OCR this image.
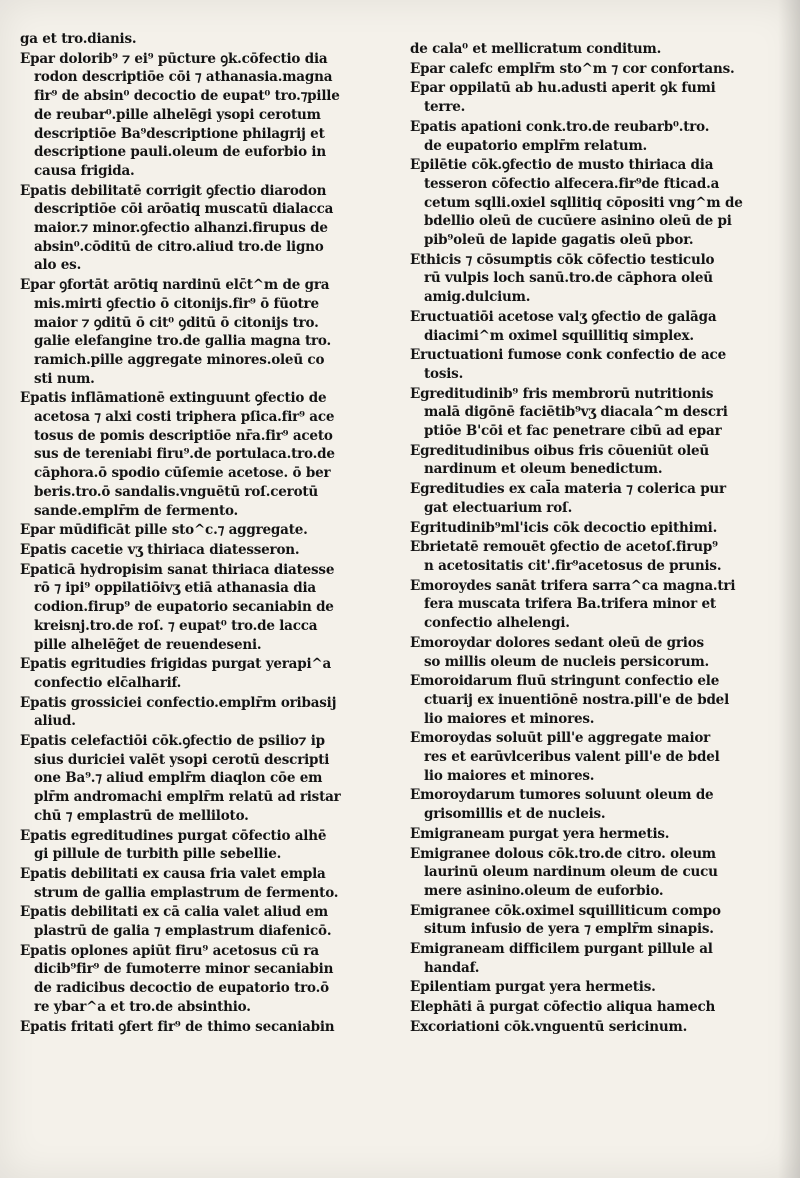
ga et tro.dianis.
Epar dolorib⁹ ⁊ ei⁹ pūcture ꝯk.cōfectio dia
rodon descriptiōe cōi ⁊ athanasia.magna
fir⁹ de absin⁰ decoctio de eupat⁰ tro.⁊pille
de reubar⁰.pille alhelēgi ysopi cerotum
descriptiōe Ba⁹descriptione philagrij et
descriptione pauli.oleum de euforbio in
causa frigida.
Epatis debilitatē corrigit ꝯfectio diarodon
descriptiōe cōi arōatiq muscatū dialacca
maior.⁊ minor.ꝯfectio alhanzi.firupus de
absin⁰.cōditū de citro.aliud tro.de ligno
alo es.
Epar ꝯfortāt arōtiq nardinū elc̄t^m de gra
mis.mirti ꝯfectio ō citonijs.fir⁹ ō fūotre
maior ⁊ ꝯditū ō cit⁰ ꝯditū ō citonijs tro.
galie elefangine tro.de gallia magna tro.
ramich.pille aggregate minores.oleū co
sti num.
Epatis inflāmationē extinguunt ꝯfectio de
acetosa ⁊ alxi costi triphera pſica.fir⁹ ace
tosus de pomis descriptiōe nr̄a.fir⁹ aceto
sus de tereniabi firu⁹.de portulaca.tro.de
cāphora.ō spodio cūſemie acetose. ō ber
beris.tro.ō sandalis.vnguētū roſ.cerotū
sande.emplr̄m de fermento.
Epar mūdificāt pille sto^c.⁊ aggregate.
Epatis cacetie vʒ thiriaca diatesseron.
Epaticā hydropisim sanat thiriaca diatesse
rō ⁊ ipi⁹ oppilatiōivʒ etiā athanasia dia
codion.firup⁹ de eupatorio secaniabin de
kreisnj.tro.de roſ. ⁊ eupat⁰ tro.de lacca
pille alhelēg̃et de reuendeseni.
Epatis egritudies frigidas purgat yerapi^a
confectio elc̄alharif.
Epatis grossiciei confectio.emplr̄m oribasij
aliud.
Epatis celefactiōi cōk.ꝯfectio de psilio⁊ ip
sius duriciei valēt ysopi cerotū descripti
one Ba⁹.⁊ aliud emplr̄m diaqlon cōe em
plr̄m andromachi emplr̄m relatū ad ristar
chū ⁊ emplastrū de melliloto.
Epatis egreditudines purgat cōfectio alhē
gi pillule de turbith pille sebellie.
Epatis debilitati ex causa fria valet empla
strum de gallia emplastrum de fermento.
Epatis debilitati ex cā calia valet aliud em
plastrū de galia ⁊ emplastrum diafenicō.
Epatis oplones apiūt firu⁹ acetosus cū ra
dicib⁹fir⁹ de fumoterre minor secaniabin
de radicibus decoctio de eupatorio tro.ō
re ybar^a et tro.de absinthio.
Epatis fritati ꝯfert fir⁹ de thimo secaniabin
de cala⁰ et mellicratum conditum.
Epar calefc emplr̄m sto^m ⁊ cor confortans.
Epar oppilatū ab hu.adusti aperit ꝯk fumi
terre.
Epatis apationi conk.tro.de reubarb⁰.tro.
de eupatorio emplr̄m relatum.
Epilētie cōk.ꝯfectio de musto thiriaca dia
tesseron cōfectio alfecera.fir⁹de fticad.a
cetum sqlli.oxiel sqllitiq cōpositi vng^m de
bdellio oleū de cucūere asinino oleū de pi
pib⁹oleū de lapide gagatis oleū pbor.
Ethicis ⁊ cōsumptis cōk cōfectio testiculo
rū vulpis loch sanū.tro.de cāphora oleū
amig.dulcium.
Eructuatiōi acetose valʒ ꝯfectio de galāga
diacimi^m oximel squillitiq simplex.
Eructuationi fumose conk confectio de ace
tosis.
Egreditudinib⁹ fris membrorū nutritionis
malā digōnē faciētib⁹vʒ diacala^m descri
ptiōe B'cōi et fac penetrare cibū ad epar
Egreditudinibus oibus fris cōueniūt oleū
nardinum et oleum benedictum.
Egreditudies ex cal̄a materia ⁊ colerica pur
gat electuarium roſ.
Egritudinib⁹ml'icis cōk decoctio epithimi.
Ebrietatē remouēt ꝯfectio de acetoſ.firup⁹
n acetositatis cit'.fir⁹acetosus de prunis.
Emoroydes sanāt trifera sarra^ca magna.tri
fera muscata trifera Ba.trifera minor et
confectio alhelengi.
Emoroydar dolores sedant oleū de grios
so millis oleum de nucleis persicorum.
Emoroidarum fluū stringunt confectio ele
ctuarij ex inuentiōnē nostra.pill'e de bdel
lio maiores et minores.
Emoroydas soluūt pill'e aggregate maior
res et earūvlceribus valent pill'e de bdel
lio maiores et minores.
Emoroydarum tumores soluunt oleum de
grisomillis et de nucleis.
Emigraneam purgat yera hermetis.
Emigranee dolous cōk.tro.de citro. oleum
laurinū oleum nardinum oleum de cucu
mere asinino.oleum de euforbio.
Emigranee cōk.oximel squilliticum compo
situm infusio de yera ⁊ emplr̄m sinapis.
Emigraneam difficilem purgant pillule al
handaf.
Epilentiam purgat yera hermetis.
Elephāti ā purgat cōfectio aliqua hamech
Excoriationi cōk.vnguentū sericinum.
